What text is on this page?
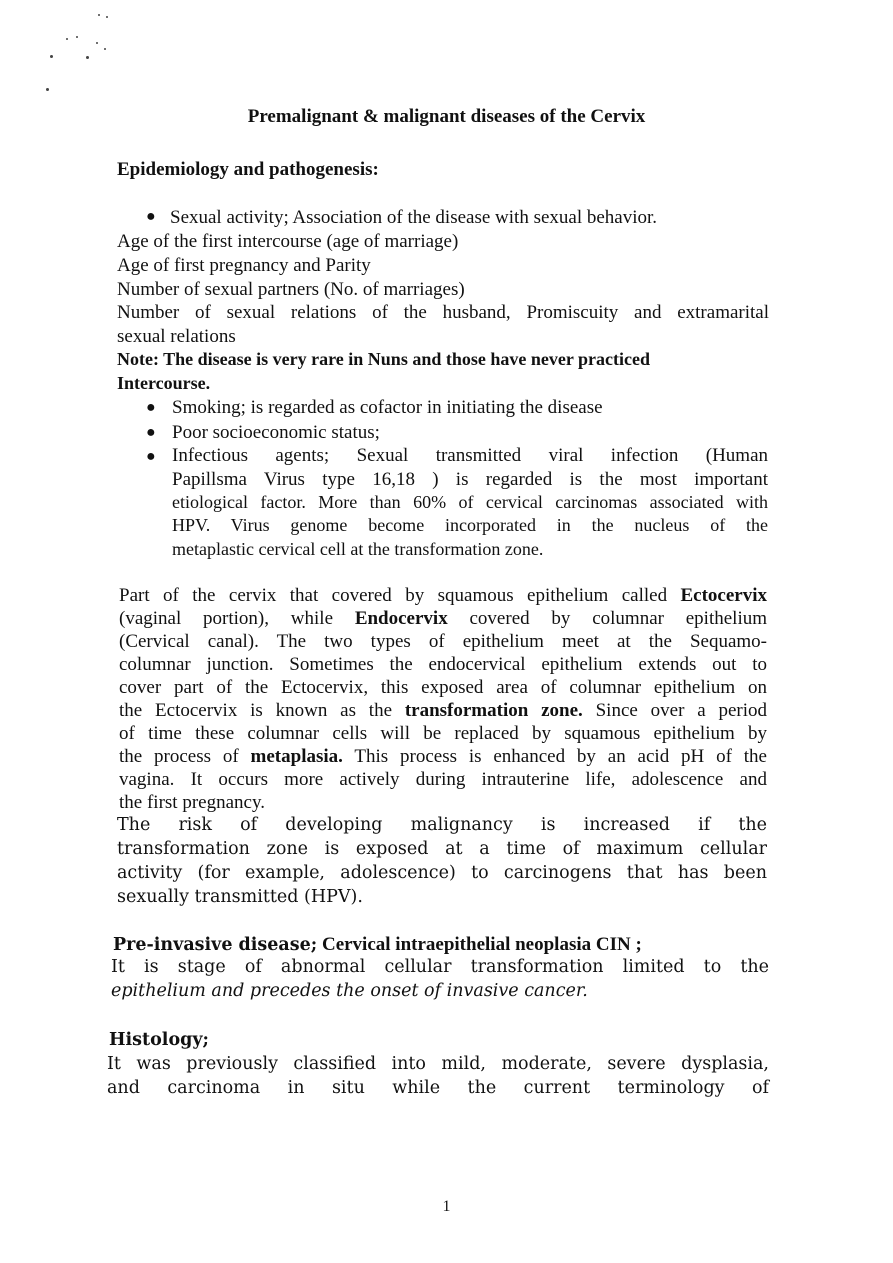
Premalignant & malignant diseases of the Cervix
Epidemiology and pathogenesis:
● Sexual activity; Association of the disease with sexual behavior.
Age of the first intercourse (age of marriage)
Age of first pregnancy and Parity
Number of sexual partners (No. of marriages)
Number of sexual relations of the husband, Promiscuity and extramarital
sexual relations
Note: The disease is very rare in Nuns and those have never practiced
Intercourse.
● Smoking; is regarded as cofactor in initiating the disease
● Poor socioeconomic status;
● Infectious agents; Sexual transmitted viral infection (Human
Papillsma Virus type 16,18 ) is regarded is the most important
etiological factor. More than 60% of cervical carcinomas associated with
HPV. Virus genome become incorporated in the nucleus of the
metaplastic cervical cell at the transformation zone.
Part of the cervix that covered by squamous epithelium called Ectocervix
(vaginal portion), while Endocervix covered by columnar epithelium
(Cervical canal). The two types of epithelium meet at the Sequamo-
columnar junction. Sometimes the endocervical epithelium extends out to
cover part of the Ectocervix, this exposed area of columnar epithelium on
the Ectocervix is known as the transformation zone. Since over a period
of time these columnar cells will be replaced by squamous epithelium by
the process of metaplasia. This process is enhanced by an acid pH of the
vagina. It occurs more actively during intrauterine life, adolescence and
the first pregnancy.
The risk of developing malignancy is increased if the
transformation zone is exposed at a time of maximum cellular
activity (for example, adolescence) to carcinogens that has been
sexually transmitted (HPV).
Pre-invasive disease; Cervical intraepithelial neoplasia CIN ;
It is stage of abnormal cellular transformation limited to the
epithelium and precedes the onset of invasive cancer.
Histology;
It was previously classified into mild, moderate, severe dysplasia,
and carcinoma in situ while the current terminology of
1
